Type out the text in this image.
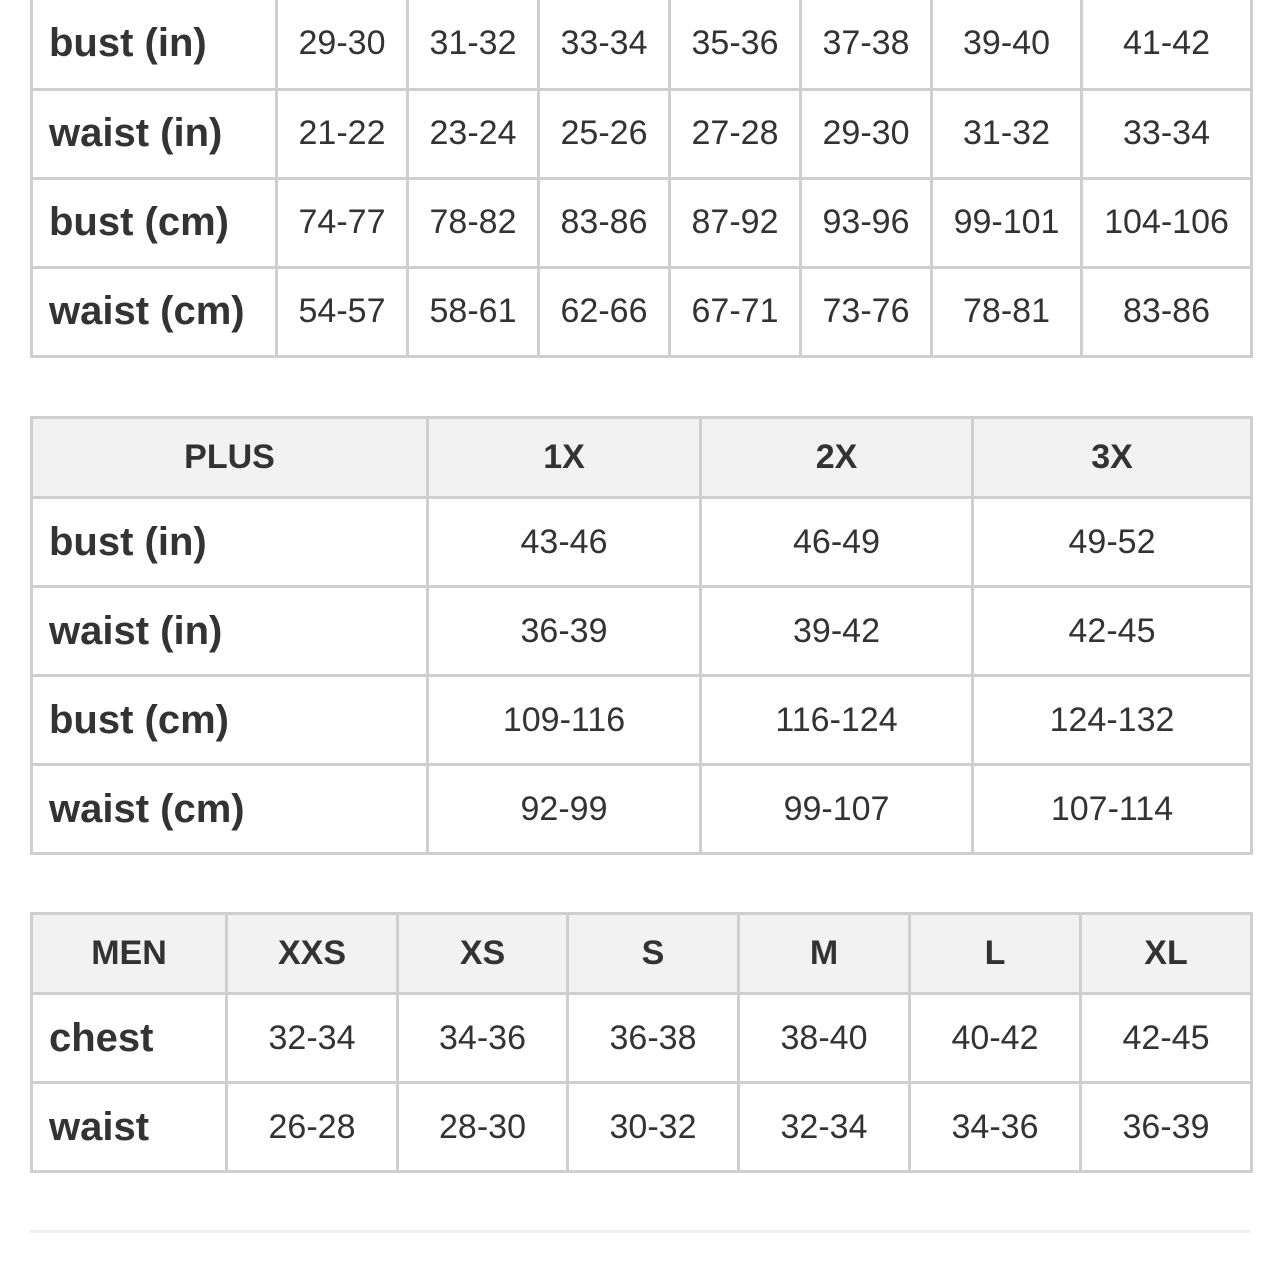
bust (in)	29-30	31-32	33-34	35-36	37-38	39-40	41-42
waist (in)	21-22	23-24	25-26	27-28	29-30	31-32	33-34
bust (cm)	74-77	78-82	83-86	87-92	93-96	99-101	104-106
waist (cm)	54-57	58-61	62-66	67-71	73-76	78-81	83-86
PLUS	1X	2X	3X
bust (in)	43-46	46-49	49-52
waist (in)	36-39	39-42	42-45
bust (cm)	109-116	116-124	124-132
waist (cm)	92-99	99-107	107-114
MEN	XXS	XS	S	M	L	XL
chest	32-34	34-36	36-38	38-40	40-42	42-45
waist	26-28	28-30	30-32	32-34	34-36	36-39
